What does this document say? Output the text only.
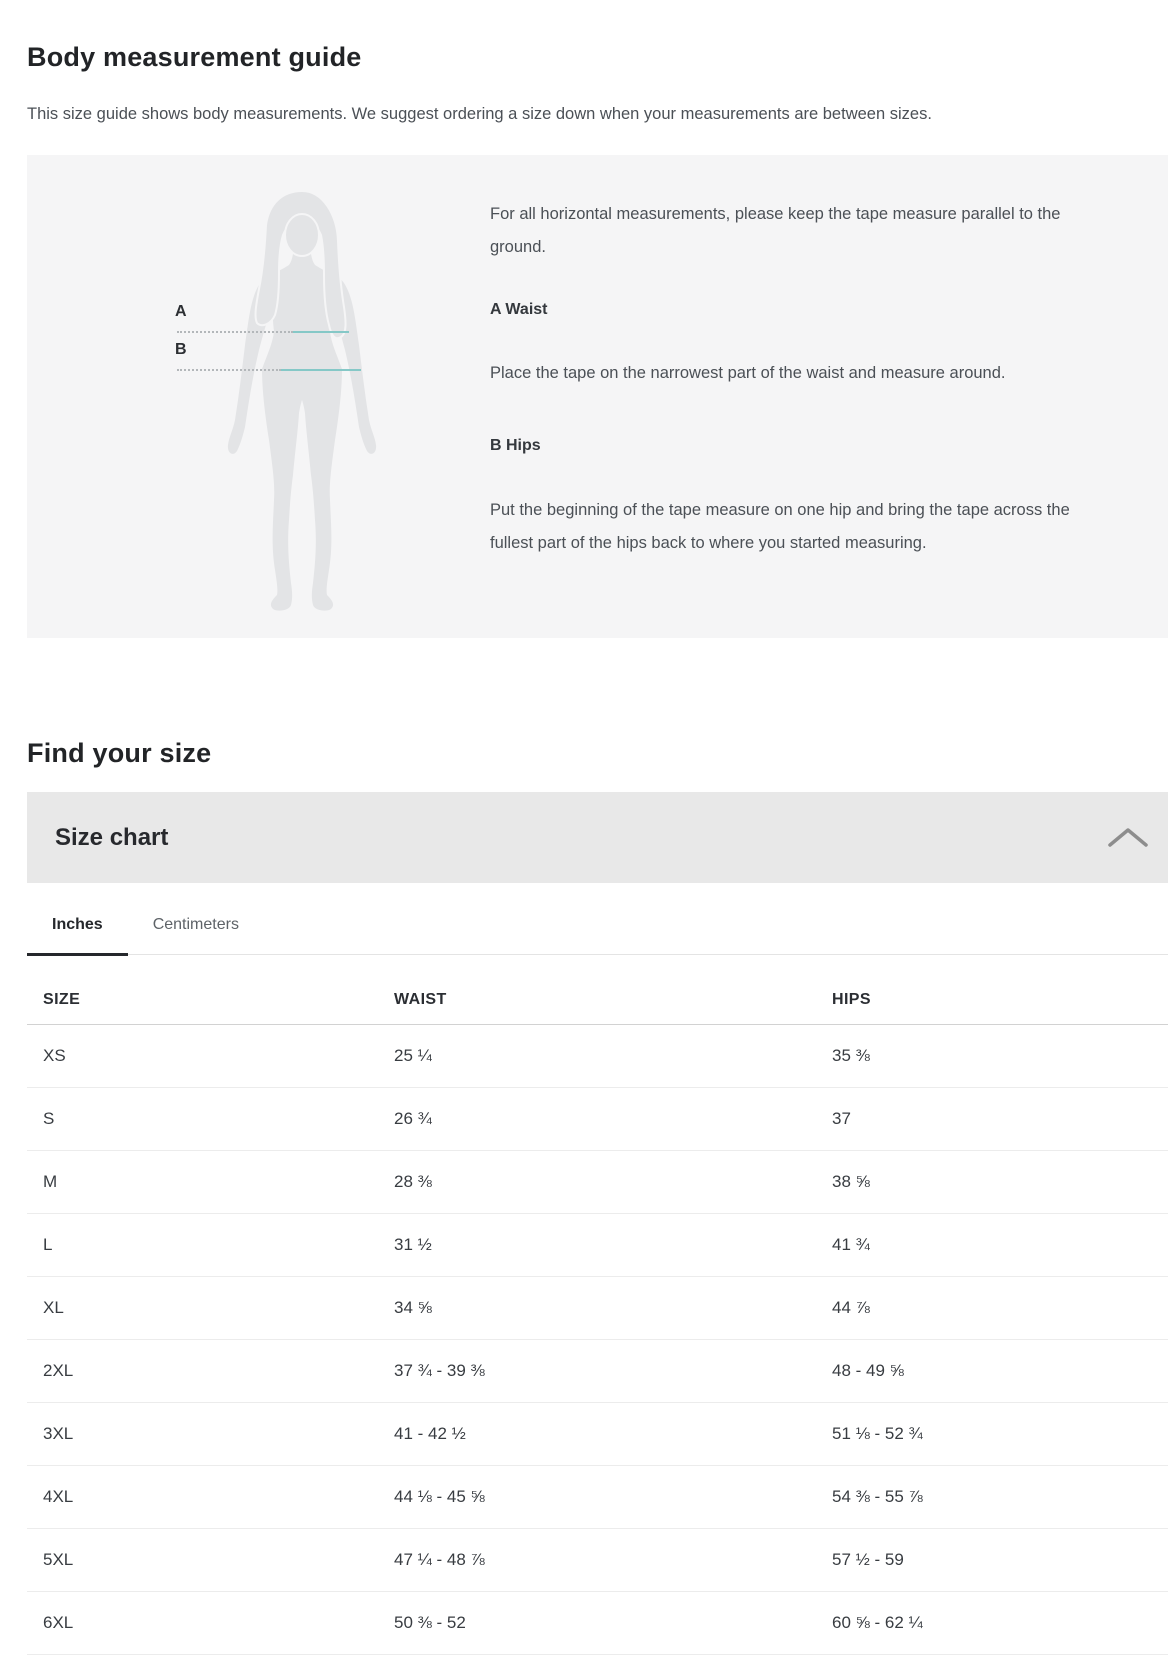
Body measurement guide

This size guide shows body measurements. We suggest ordering a size down when your measurements are between sizes.

A
B

For all horizontal measurements, please keep the tape measure parallel to the ground.

A Waist

Place the tape on the narrowest part of the waist and measure around.

B Hips

Put the beginning of the tape measure on one hip and bring the tape across the fullest part of the hips back to where you started measuring.

Find your size
Size chart
Inches	Centimeters
SIZE	WAIST	HIPS
XS	25 ¼	35 ⅜
S	26 ¾	37
M	28 ⅜	38 ⅝
L	31 ½	41 ¾
XL	34 ⅝	44 ⅞
2XL	37 ¾ - 39 ⅜	48 - 49 ⅝
3XL	41 - 42 ½	51 ⅛ - 52 ¾
4XL	44 ⅛ - 45 ⅝	54 ⅜ - 55 ⅞
5XL	47 ¼ - 48 ⅞	57 ½ - 59
6XL	50 ⅜ - 52	60 ⅝ - 62 ¼
